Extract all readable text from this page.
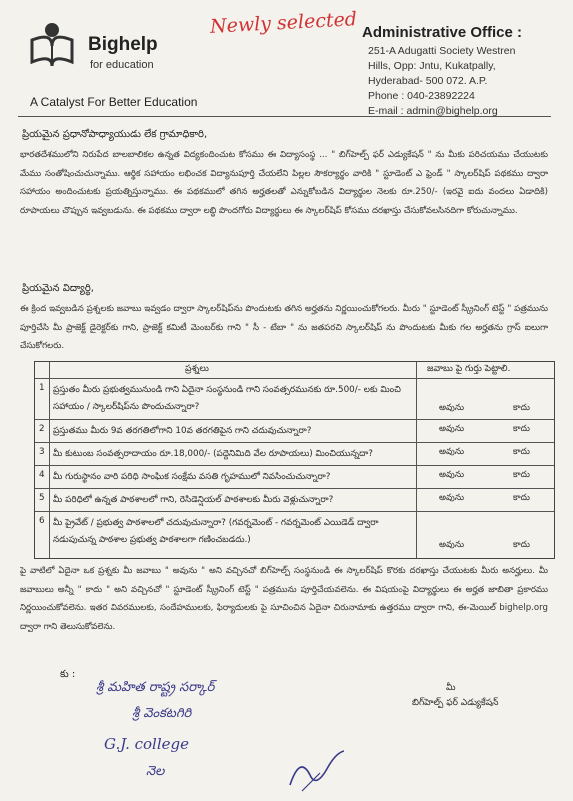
Bighelp
for education
A Catalyst For Better Education
Newly selected Administrative Office :
251-A Adugatti Society Westren
Hills, Opp: Jntu, Kukatpally,
Hyderabad- 500 072. A.P.
Phone : 040-23892224
E-mail : admin@bighelp.org
ప్రియమైన ప్రధానోపాధ్యాయుడు లేక గ్రామాధికారి,
భారతదేశములోని నిరుపేద బాలబాలికల ఉన్నత విద్యకందించుట కోసము ఈ విద్యాసంస్థ ... " బిగ్‌హెల్ప్ ఫర్ ఎడ్యుకేషన్ " ను మీకు పరిచయము చేయుటకు మేము సంతోషించుచున్నాము. ఆర్థిక సహాయం లభించక విద్యానుపూర్తి చేయలేని పిల్లల సౌకర్యార్థం వారికి " స్టూడెంట్ ఎ ఫ్రెండ్ " స్కాలర్‌షిప్ పథకము ద్వారా సహాయం అందించుటకు ప్రయత్నిస్తున్నాము. ఈ పథకములో తగిన అర్హతలతో ఎన్నుకోబడిన విద్యార్థుల నెలకు రూ.250/- (ఇరవై ఐదు వందలు ఏడాదికి) రూపాయలు చొప్పున ఇవ్వబడును. ఈ పథకము ద్వారా లబ్ధి పొందగోరు విద్యార్థులు ఈ స్కాలర్‌షిప్ కోసము దరఖాస్తు చేసుకోవలసినదిగా కోరుచున్నాము.
ప్రియమైన విద్యార్థి,
ఈ క్రింద ఇవ్వబడిన ప్రశ్నలకు జవాబు ఇవ్వడం ద్వారా స్కాలర్‌షిప్‌ను పొందుటకు తగిన అర్హతను నిర్ణయించుకోగలరు. మీరు " స్టూడెంట్ స్క్రీనింగ్ టెస్ట్ " పత్రమును పూర్తిచేసి మీ ప్రాజెక్ట్ డైరెక్టర్‌కు గాని, ప్రాజెక్ట్ కమిటీ మెంబర్‌కు గాని " సీ - టేబా " ను జతపరచి స్కాలర్‌షిప్ ను పొందుటకు మీకు గల అర్హతను గ్రాస్ ఐలుగా చేసుకోగలరు.
ప్రశ్నలు	జవాబు పై గుర్తు పెట్టాలి.
1 ప్రస్తుతం మీరు ప్రభుత్వమునుండి గాని ఏదైనా సంస్థనుండి గాని సంవత్సరమునకు రూ.500/- లకు మించి సహాయం / స్కాలర్‌షిప్‌ను పొందుచున్నారా?	అవును	కాదు
2 ప్రస్తుతము మీరు 9వ తరగతిలోగాని 10వ తరగతిపైన గాని చదువుచున్నారా?	అవును	కాదు
3 మీ కుటుంబ సంవత్సరాదాయం రూ.18,000/- (పద్దెనిమిది వేల రూపాయలు) మించియున్నదా?	అవును	కాదు
4 మీ గురుస్థానం వారి పరిధి సాంఘిక సంక్షేమ వసతి గృహములో నివసించుచున్నారా?	అవును	కాదు
5 మీ పరిధిలో ఉన్నత పాఠశాలలో గాని, రెసిడెన్షియల్ పాఠశాలకు మీరు వెళ్లుచున్నారా?	అవును	కాదు
6 మీ ప్రైవేట్ / ప్రభుత్వ పాఠశాలలో చదువుచున్నారా? (గవర్నమెంట్ - గవర్నమెంట్ ఎయిడెడ్ ద్వారా నడుపుచున్న పాఠశాల ప్రభుత్వ పాఠశాలగా గణించబడదు.)	అవును	కాదు
పై వాటిలో ఏదైనా ఒక ప్రశ్నకు మీ జవాబు " అవును " అని వచ్చినచో బిగ్‌హెల్ప్ సంస్థనుండి ఈ స్కాలర్‌షిప్ కొరకు దరఖాస్తు చేయుటకు మీరు అనర్హులు. మీ జవాబులు అన్నీ " కాదు " అని వచ్చినచో " స్టూడెంట్ స్క్రీనింగ్ టెస్ట్ " పత్రమును పూర్తిచేయవలెను. ఈ విషయంపై విద్యార్థులు ఈ అర్హత జాబితా ప్రకారము నిర్ణయించుకోవలెను. ఇతర వివరములకు, సందేహములకు, ఫిర్యాదులకు పై సూచించిన ఏదైనా చిరునామాకు ఉత్తరము ద్వారా గాని, ఈ-మెయిల్ bighelp.org ద్వారా గాని తెలుసుకోవలెను.
కు :
శ్రీ మహిత రాష్ట్ర సర్కార్
శ్రీ వెంకటగిరి
G.J. college
నెల
మీ
బిగ్‌హెల్ప్ ఫర్ ఎడ్యుకేషన్
